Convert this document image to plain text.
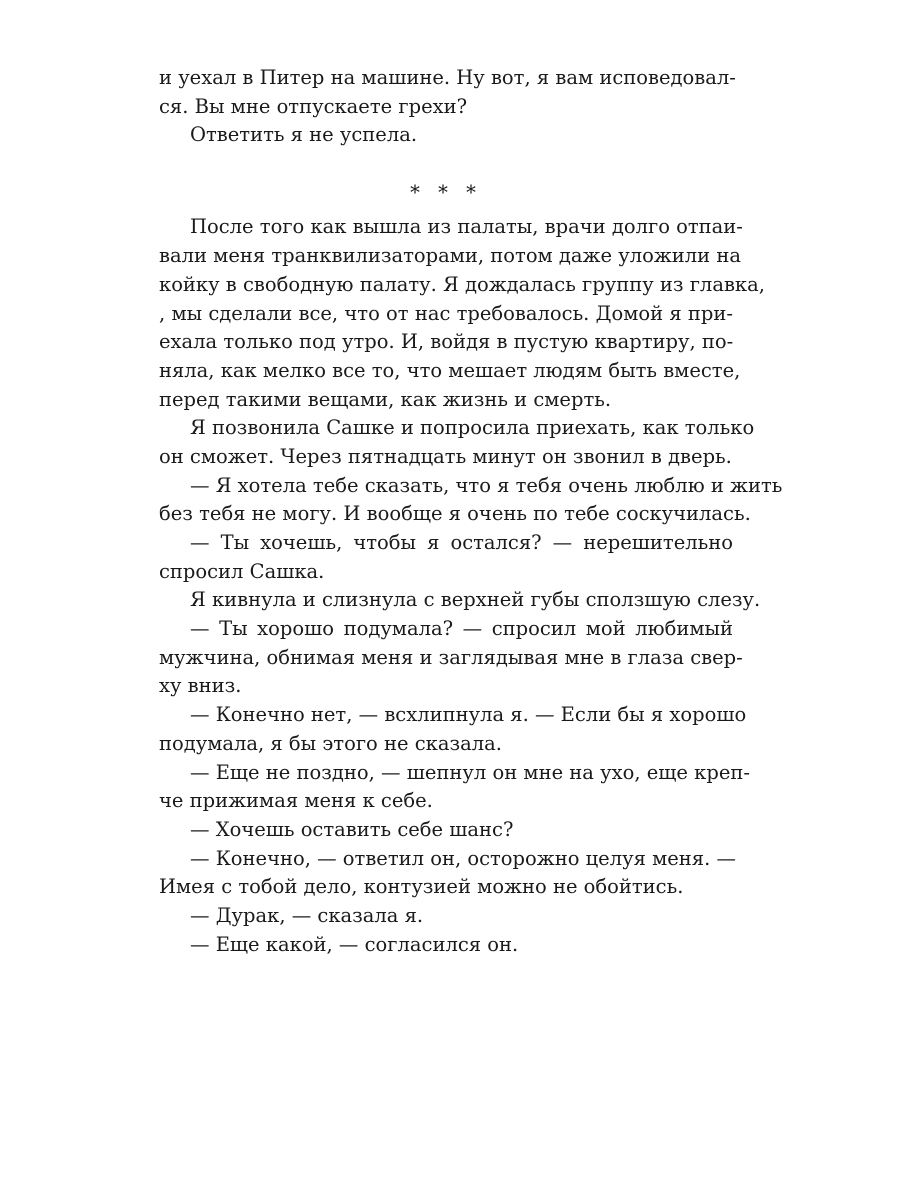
и уехал в Питер на машине. Ну вот, я вам исповедовал-
ся. Вы мне отпускаете грехи?
Ответить я не успела.
* * *
После того как вышла из палаты, врачи долго отпаи-
вали меня транквилизаторами, потом даже уложили на
койку в свободную палату. Я дождалась группу из главка,
, мы сделали все, что от нас требовалось. Домой я при-
ехала только под утро. И, войдя в пустую квартиру, по-
няла, как мелко все то, что мешает людям быть вместе,
перед такими вещами, как жизнь и смерть.
Я позвонила Сашке и попросила приехать, как только
он сможет. Через пятнадцать минут он звонил в дверь.
— Я хотела тебе сказать, что я тебя очень люблю и жить
без тебя не могу. И вообще я очень по тебе соскучилась.
— Ты хочешь, чтобы я остался? — нерешительно
спросил Сашка.
Я кивнула и слизнула с верхней губы сползшую слезу.
— Ты хорошо подумала? — спросил мой любимый
мужчина, обнимая меня и заглядывая мне в глаза свер-
ху вниз.
— Конечно нет, — всхлипнула я. — Если бы я хорошо
подумала, я бы этого не сказала.
— Еще не поздно, — шепнул он мне на ухо, еще креп-
че прижимая меня к себе.
— Хочешь оставить себе шанс?
— Конечно, — ответил он, осторожно целуя меня. —
Имея с тобой дело, контузией можно не обойтись.
— Дурак, — сказала я.
— Еще какой, — согласился он.
